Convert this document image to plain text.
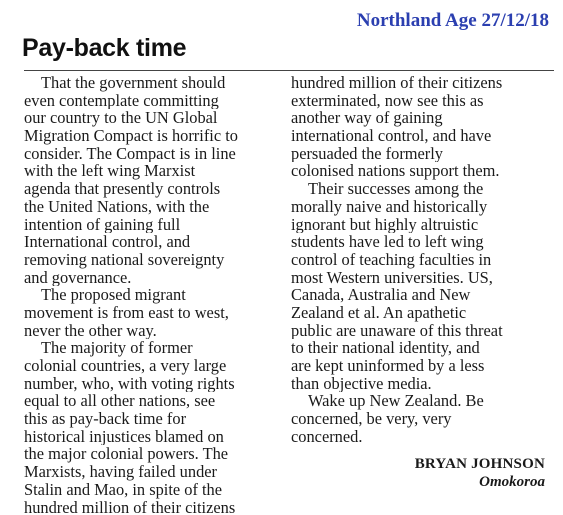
Northland Age 27/12/18
Pay-back time
That the government should
even contemplate committing
our country to the UN Global
Migration Compact is horrific to
consider. The Compact is in line
with the left wing Marxist
agenda that presently controls
the United Nations, with the
intention of gaining full
International control, and
removing national sovereignty
and governance.
The proposed migrant
movement is from east to west,
never the other way.
The majority of former
colonial countries, a very large
number, who, with voting rights
equal to all other nations, see
this as pay-back time for
historical injustices blamed on
the major colonial powers. The
Marxists, having failed under
Stalin and Mao, in spite of the
hundred million of their citizens
hundred million of their citizens
exterminated, now see this as
another way of gaining
international control, and have
persuaded the formerly
colonised nations support them.
Their successes among the
morally naive and historically
ignorant but highly altruistic
students have led to left wing
control of teaching faculties in
most Western universities. US,
Canada, Australia and New
Zealand et al. An apathetic
public are unaware of this threat
to their national identity, and
are kept uninformed by a less
than objective media.
Wake up New Zealand. Be
concerned, be very, very
concerned.
BRYAN JOHNSON
Omokoroa
